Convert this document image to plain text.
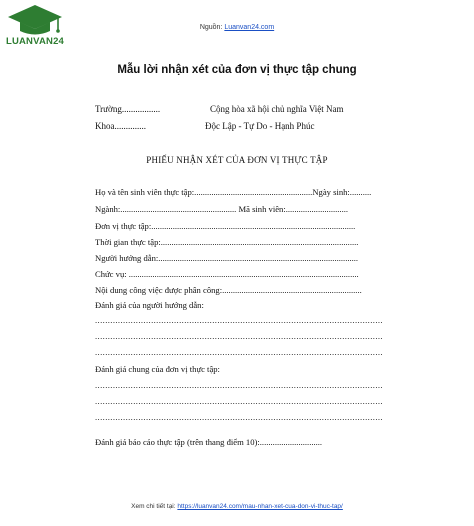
LUANVAN24
Nguồn: Luanvan24.com
Mẫu lời nhận xét của đơn vị thực tập chung
Trường.................	Cộng hòa xã hội chủ nghĩa Việt Nam
Khoa..............	Độc Lập - Tự Do - Hạnh Phúc
PHIẾU NHẬN XÉT CỦA ĐƠN VỊ THỰC TẬP
Họ và tên sinh viên thực tập:.......................................................Ngày sinh:..........
Ngành:...................................................... Mã sinh viên:.............................
Đơn vị thực tập:...............................................................................................
Thời gian thực tập:............................................................................................
Người hướng dẫn:.............................................................................................
Chức vụ: ...........................................................................................................
Nội dung công việc được phân công:.................................................................
Đánh giá của người hướng dẫn:
.................................................................................................................
.................................................................................................................
.................................................................................................................
Đánh giá chung của đơn vị thực tập:
.................................................................................................................
.................................................................................................................
.................................................................................................................
Đánh giá báo cáo thực tập (trên thang điểm 10):.............................
Xem chi tiết tại: https://luanvan24.com/mau-nhan-xet-cua-don-vi-thuc-tap/
